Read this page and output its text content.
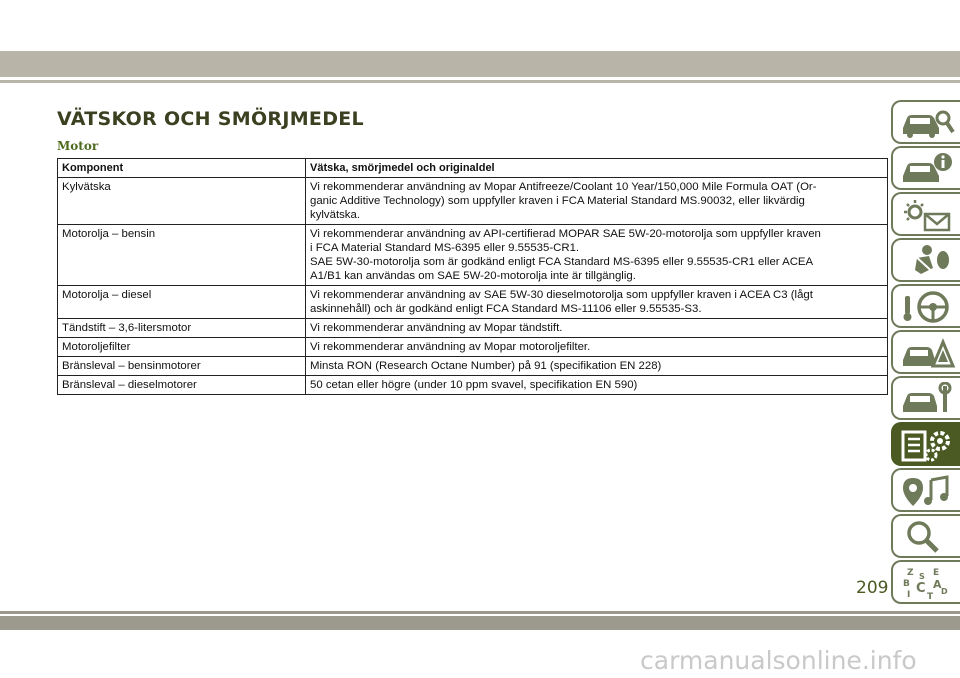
VÄTSKOR OCH SMÖRJMEDEL
Motor
Komponent	Vätska, smörjmedel och originaldel
Kylvätska	Vi rekommenderar användning av Mopar Antifreeze/Coolant 10 Year/150,000 Mile Formula OAT (Or-
ganic Additive Technology) som uppfyller kraven i FCA Material Standard MS.90032, eller likvärdig
kylvätska.

Motorolja – bensin	Vi rekommenderar användning av API-certifierad MOPAR SAE 5W-20-motorolja som uppfyller kraven
i FCA Material Standard MS-6395 eller 9.55535-CR1.
SAE 5W-30-motorolja som är godkänd enligt FCA Standard MS-6395 eller 9.55535-CR1 eller ACEA
A1/B1 kan användas om SAE 5W-20-motorolja inte är tillgänglig.

Motorolja – diesel	Vi rekommenderar användning av SAE 5W-30 dieselmotorolja som uppfyller kraven i ACEA C3 (lågt
askinnehåll) och är godkänd enligt FCA Standard MS-11106 eller 9.55535-S3.

Tändstift – 3,6-litersmotor	Vi rekommenderar användning av Mopar tändstift.

Motoroljefilter	Vi rekommenderar användning av Mopar motoroljefilter.

Bränsleval – bensinmotorer	Minsta RON (Research Octane Number) på 91 (specifikation EN 228)

Bränsleval – dieselmotorer	50 cetan eller högre (under 10 ppm svavel, specifikation EN 590)
Z E
S
B A
C D
I T
209
carmanualsonline.info
